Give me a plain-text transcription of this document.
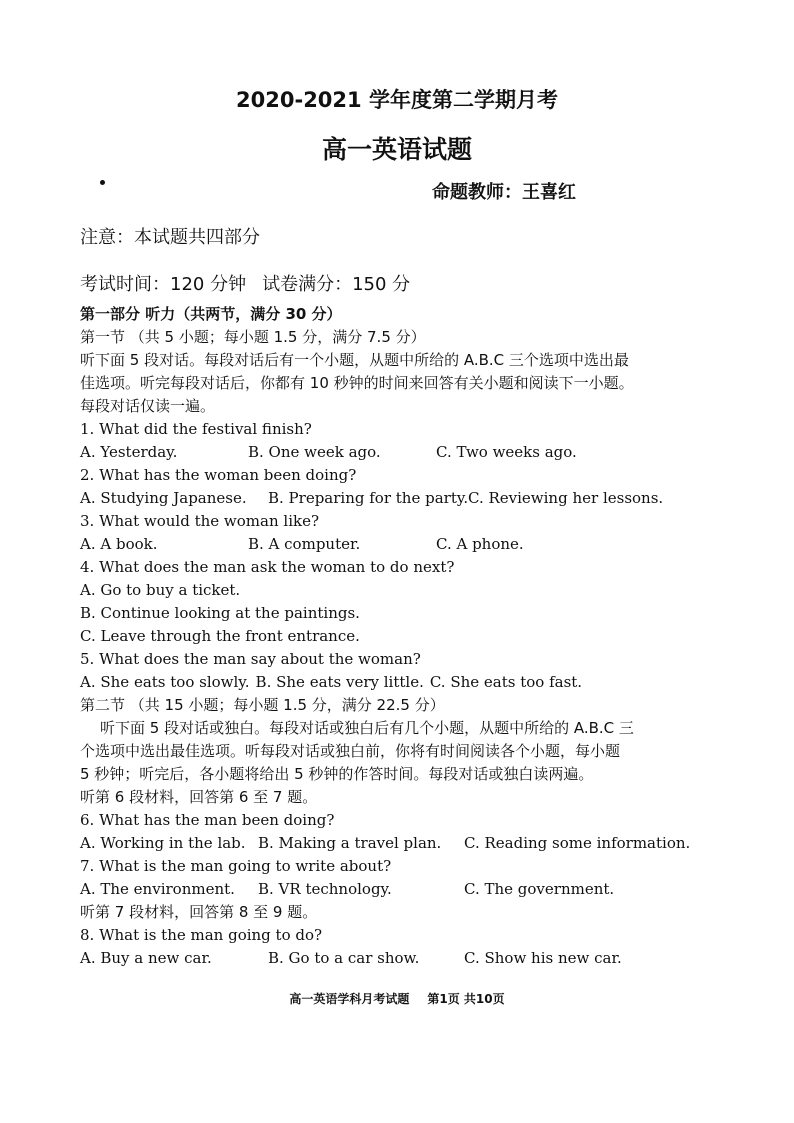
2020-2021 学年度第二学期月考
高一英语试题
命题教师：王喜红
注意：本试题共四部分
考试时间：120 分钟 试卷满分：150 分
第一部分 听力（共两节，满分 30 分）
第一节 （共 5 小题；每小题 1.5 分，满分 7.5 分）
听下面 5 段对话。每段对话后有一个小题，从题中所给的 A.B.C 三个选项中选出最
佳选项。听完每段对话后，你都有 10 秒钟的时间来回答有关小题和阅读下一小题。
每段对话仅读一遍。
1. What did the festival finish?
A. Yesterday.	B. One week ago.	C. Two weeks ago.
2. What has the woman been doing?
A. Studying Japanese.	B. Preparing for the party. C. Reviewing her lessons.
3. What would the woman like?
A. A book.	B. A computer.	C. A phone.
4. What does the man ask the woman to do next?
A. Go to buy a ticket.
B. Continue looking at the paintings.
C. Leave through the front entrance.
5. What does the man say about the woman?
A. She eats too slowly. B. She eats very little. C. She eats too fast.
第二节 （共 15 小题；每小题 1.5 分，满分 22.5 分）
听下面 5 段对话或独白。每段对话或独白后有几个小题，从题中所给的 A.B.C 三
个选项中选出最佳选项。听每段对话或独白前，你将有时间阅读各个小题，每小题
5 秒钟；听完后，各小题将给出 5 秒钟的作答时间。每段对话或独白读两遍。
听第 6 段材料，回答第 6 至 7 题。
6. What has the man been doing?
A. Working in the lab. B. Making a travel plan.	C. Reading some information.
7. What is the man going to write about?
A. The environment.	B. VR technology.	C. The government.
听第 7 段材料，回答第 8 至 9 题。
8. What is the man going to do?
A. Buy a new car.	B. Go to a car show.	C. Show his new car.
高一英语学科月考试题 第1页 共10页
